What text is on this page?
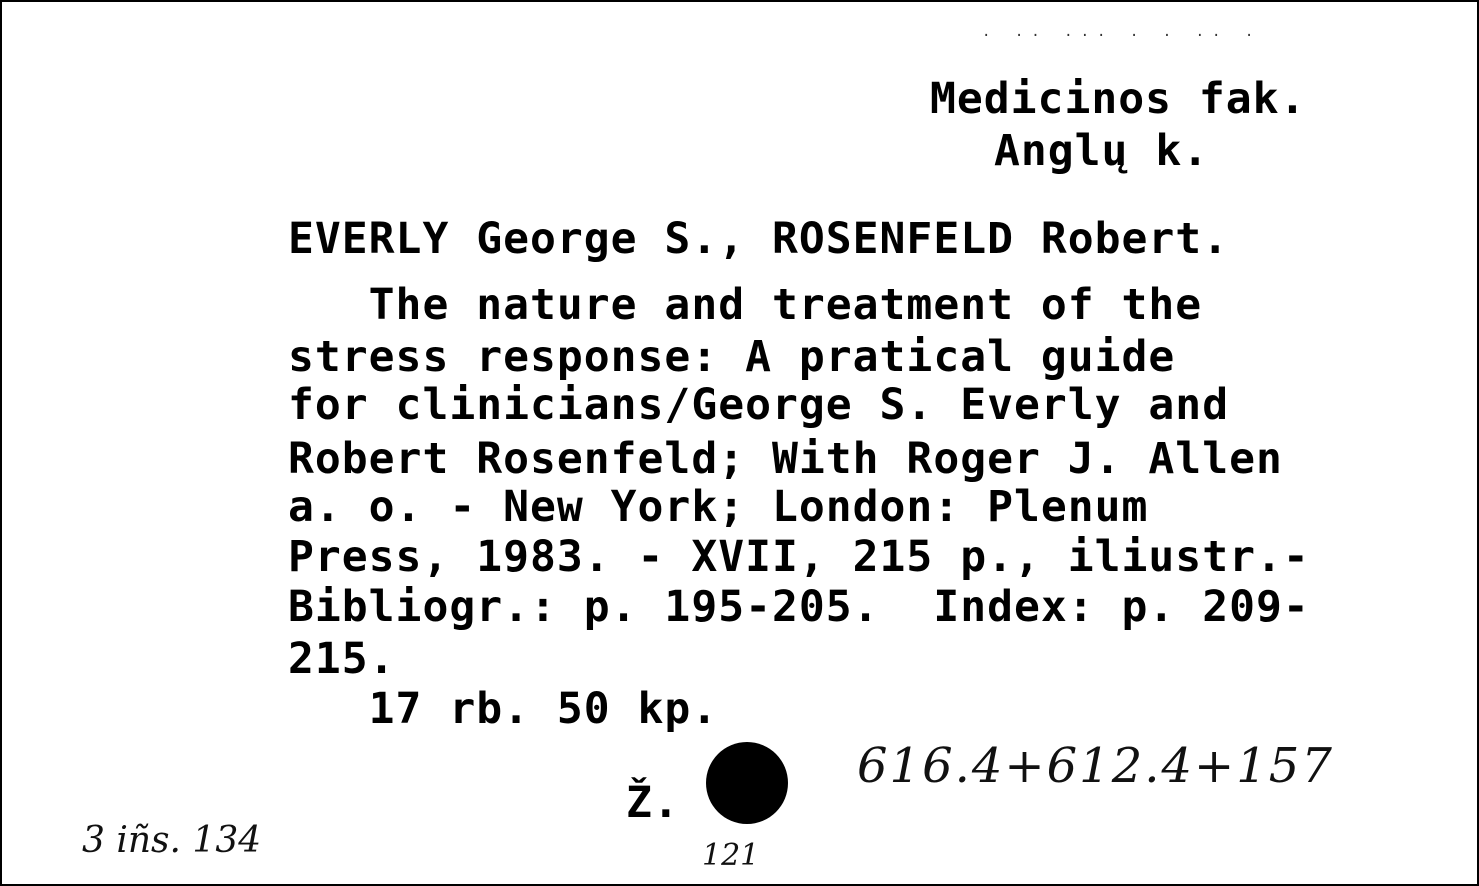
. .. ... . . .. .
Medicinos fak.
Anglų k.
EVERLY George S., ROSENFELD Robert.
The nature and treatment of the
stress response: A pratical guide
for clinicians/George S. Everly and
Robert Rosenfeld; With Roger J. Allen
a. o. - New York; London: Plenum
Press, 1983. - XVII, 215 p., iliustr.-
Bibliogr.: p. 195-205.  Index: p. 209-
215.
17 rb. 50 kp.
Ž.
616.4+612.4+157
3 iñs. 134	121
